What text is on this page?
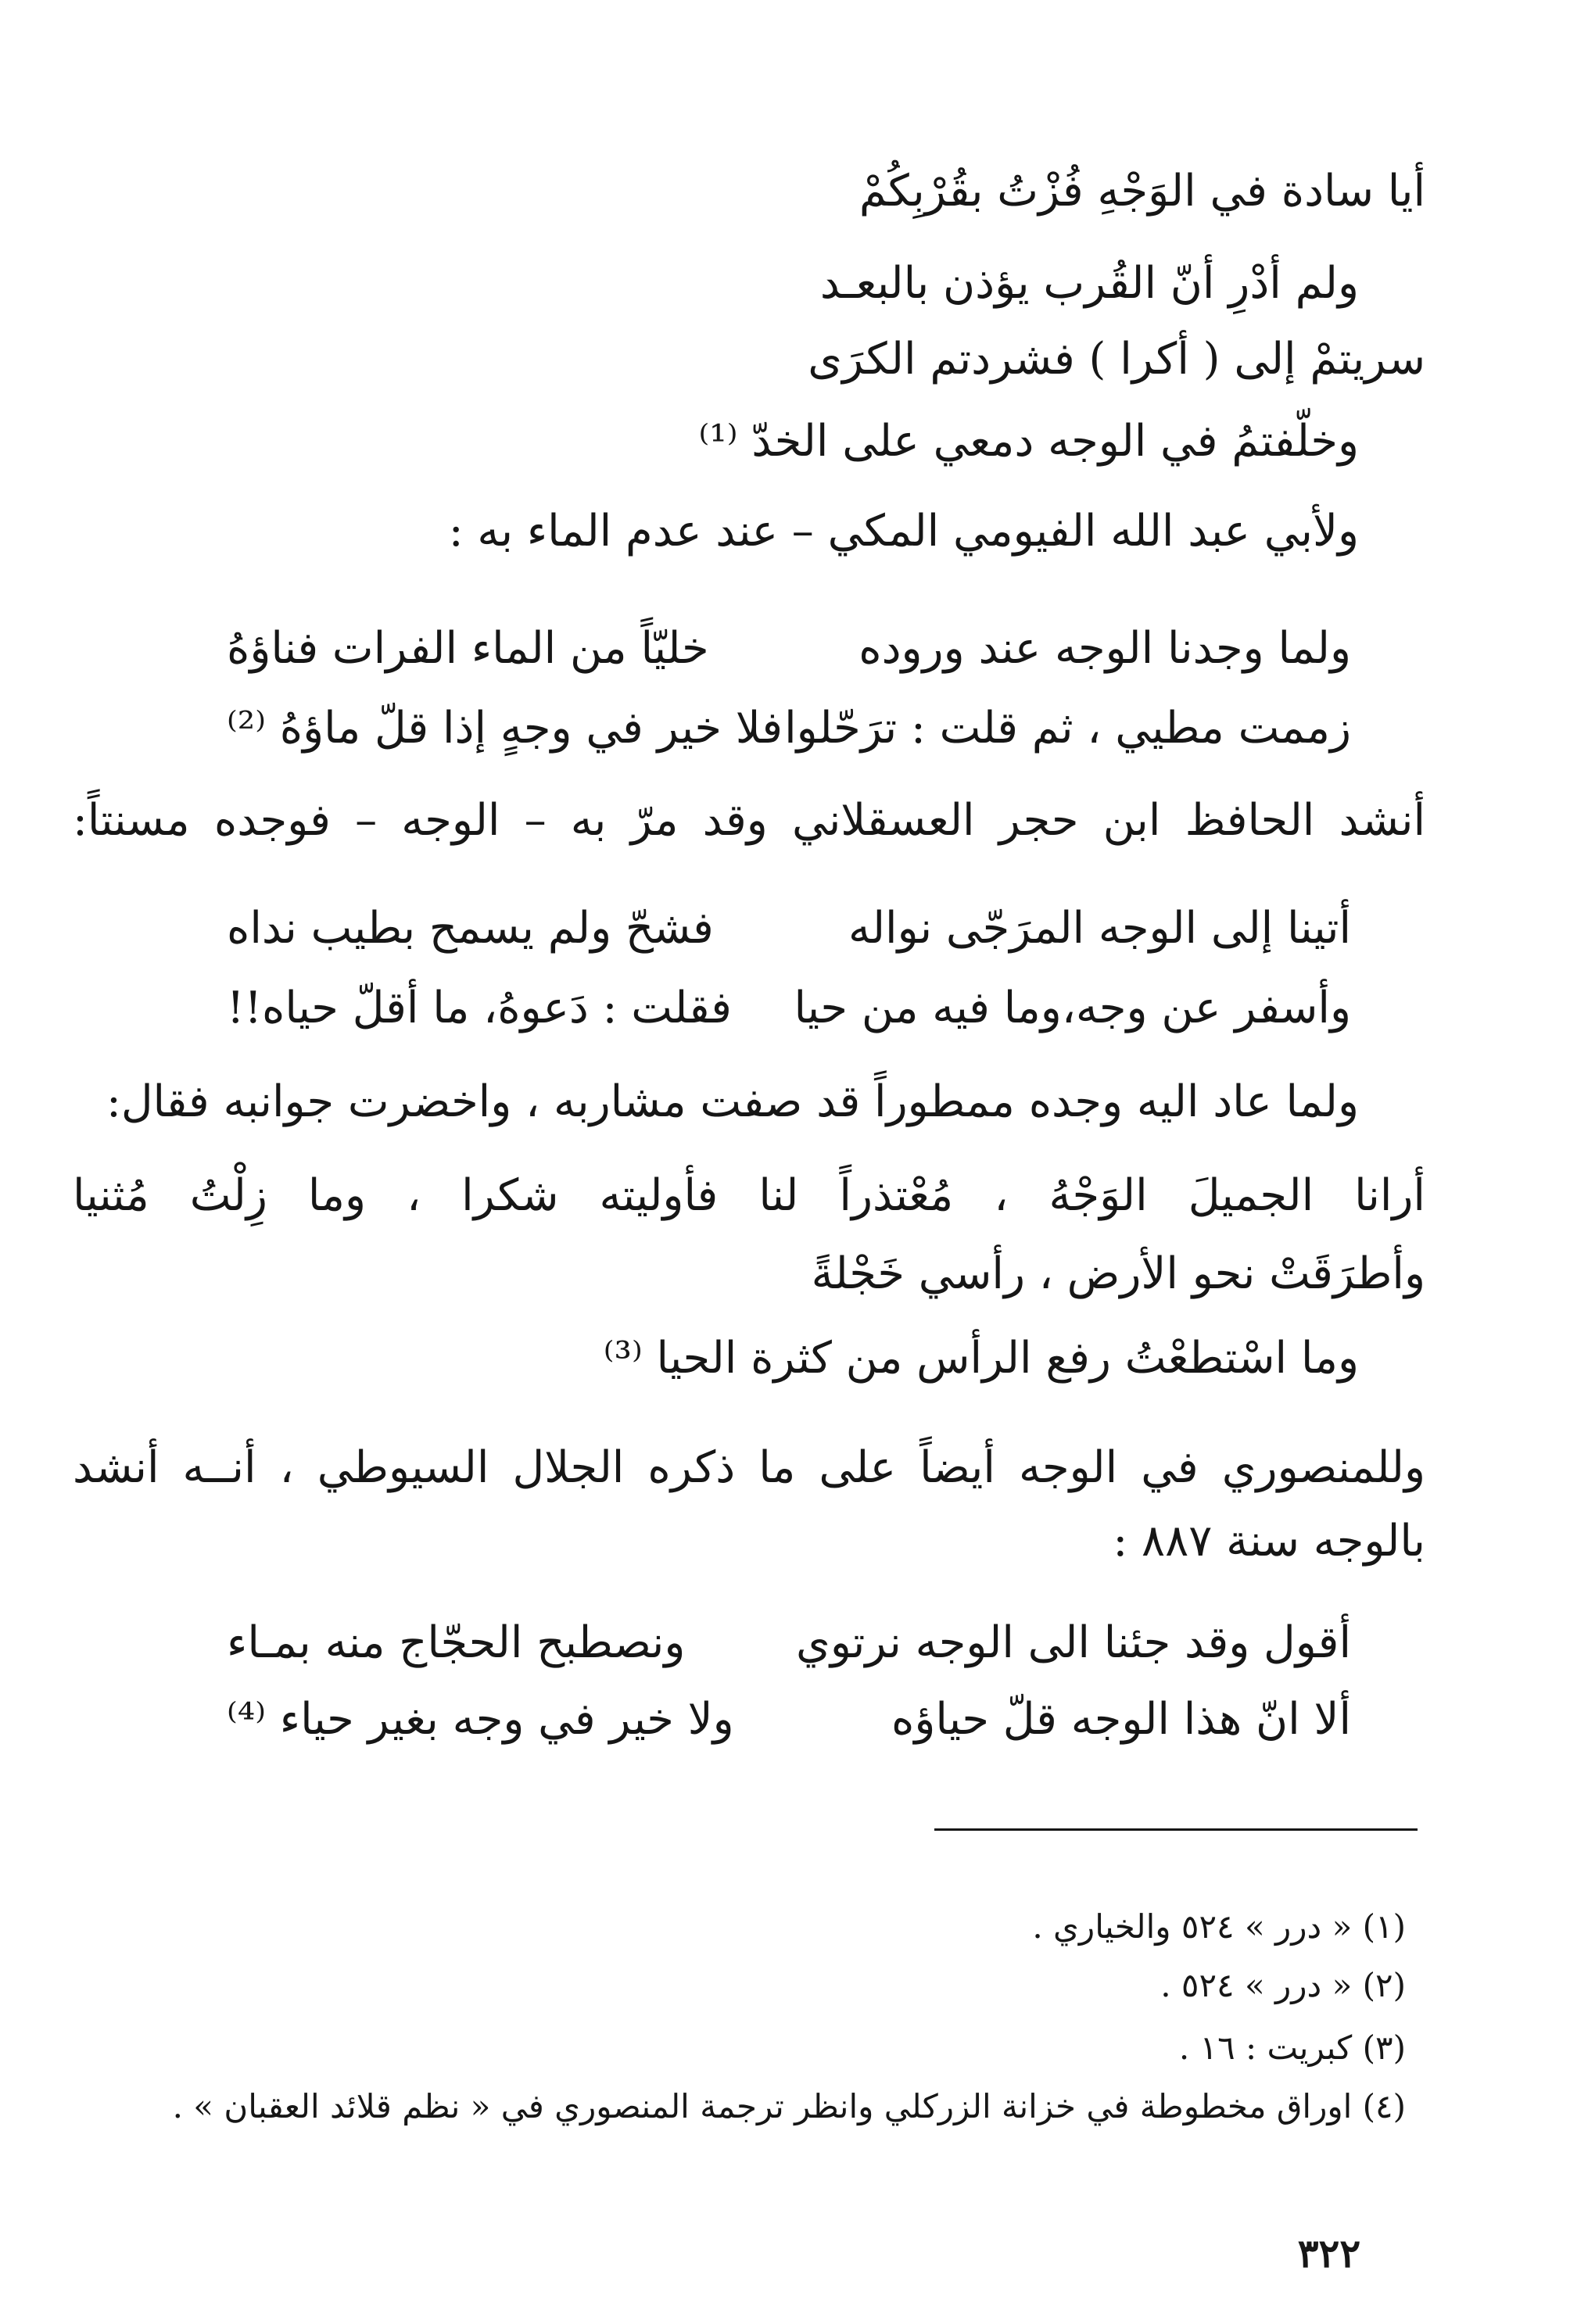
أيا سادة في الوَجْهِ فُزْتُ بقُرْبِكُمْ
ولم أدْرِ أنّ القُرب يؤذن بالبعـد
سريتمْ إلى ( أكرا ) فشردتم الكرَى
وخلّفتمُ في الوجه دمعي على الخدّ ⁽¹⁾
ولأبي عبد الله الفيومي المكي – عند عدم الماء به :
ولما وجدنا الوجه عند وروده
خليّاً من الماء الفرات فناؤهُ
زممت مطيي ، ثم قلت : ترَحّلوا
فلا خير في وجهٍ إذا قلّ ماؤهُ ⁽²⁾
أنشد الحافظ ابن حجر العسقلاني وقد مرّ به – الوجه – فوجده مسنتاً:
أتينا إلى الوجه المرَجّى نواله
فشحّ ولم يسمح بطيب نداه
وأسفر عن وجه،وما فيه من حيا
فقلت : دَعوهُ، ما أقلّ حياه!!
ولما عاد اليه وجده ممطوراً قد صفت مشاربه ، واخضرت جوانبه فقال:
أرانا الجميلَ الوَجْهُ ، مُعْتذراً لنا فأوليته شكرا ، وما زِلْتُ مُثنيا
وأطرَقَتْ نحو الأرض ، رأسي خَجْلةً
وما اسْتطعْتُ رفع الرأس من كثرة الحيا ⁽³⁾
وللمنصوري في الوجه أيضاً على ما ذكره الجلال السيوطي ، أنــه أنشد
بالوجه سنة ٨٨٧ :
أقول وقد جئنا الى الوجه نرتوي
ونصطبح الحجّاج منه بمـاء
ألا انّ هذا الوجه قلّ حياؤه
ولا خير في وجه بغير حياء ⁽⁴⁾
(١) « درر » ٥٢٤ والخياري .
(٢) « درر » ٥٢٤ .
(٣) كبريت : ١٦ .
(٤) اوراق مخطوطة في خزانة الزركلي وانظر ترجمة المنصوري في « نظم قلائد العقبان » .
٣٢٢
